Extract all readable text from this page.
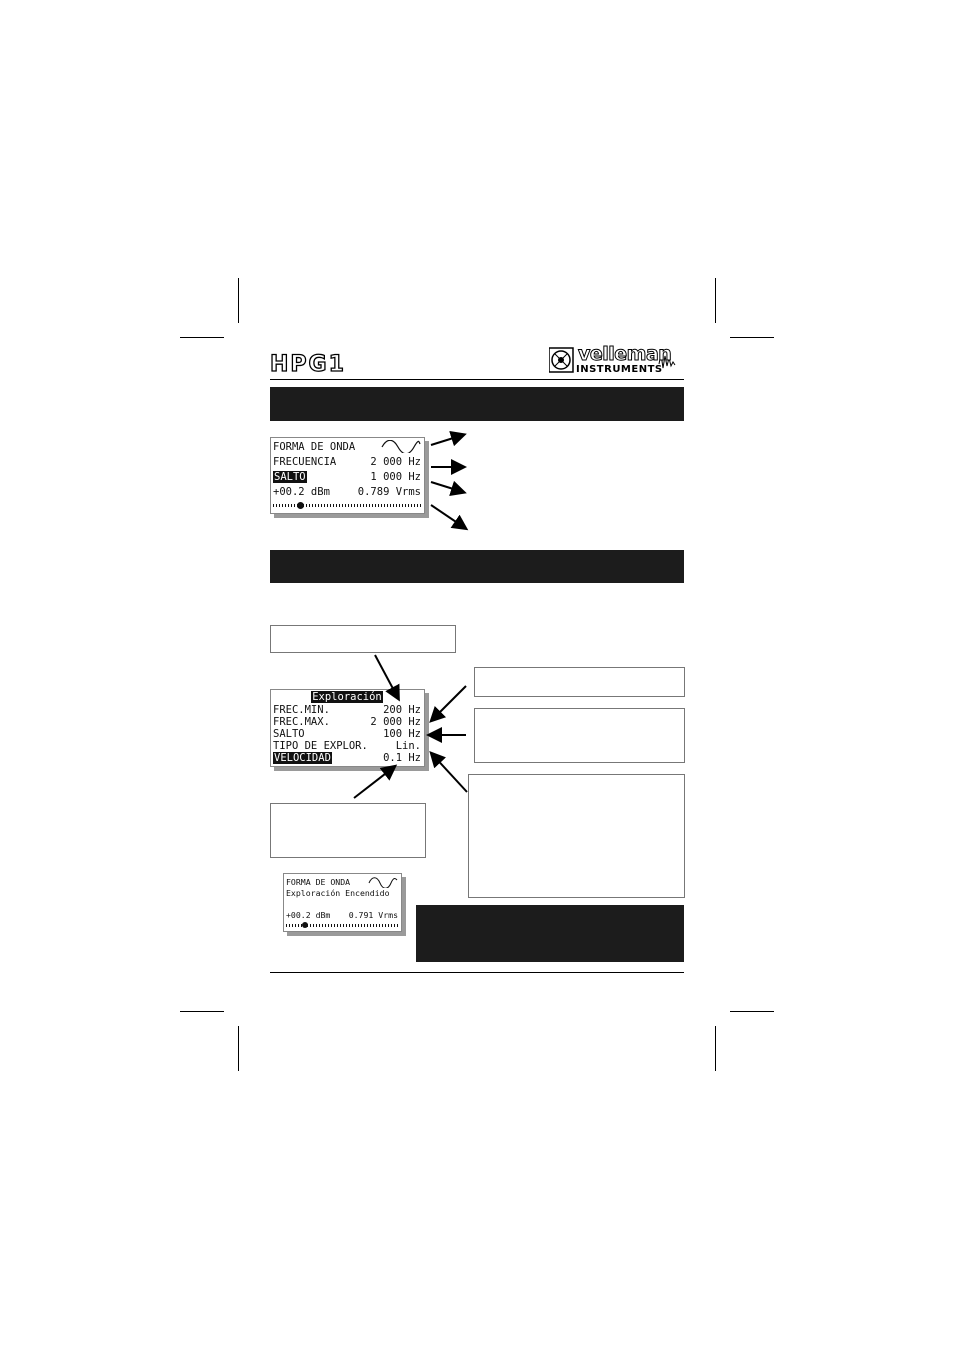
HPG1	velleman
INSTRUMENTS
FORMA DE ONDA
FRECUENCIA	2 000 Hz
SALTO	1 000 Hz
+00.2 dBm	0.789 Vrms
Exploración
FREC.MIN.	200 Hz
FREC.MAX.	2 000 Hz
SALTO	100 Hz
TIPO DE EXPLOR.	Lin.
VELOCIDAD	0.1 Hz
FORMA DE ONDA
Exploración Encendido
+00.2 dBm 0.791 Vrms
